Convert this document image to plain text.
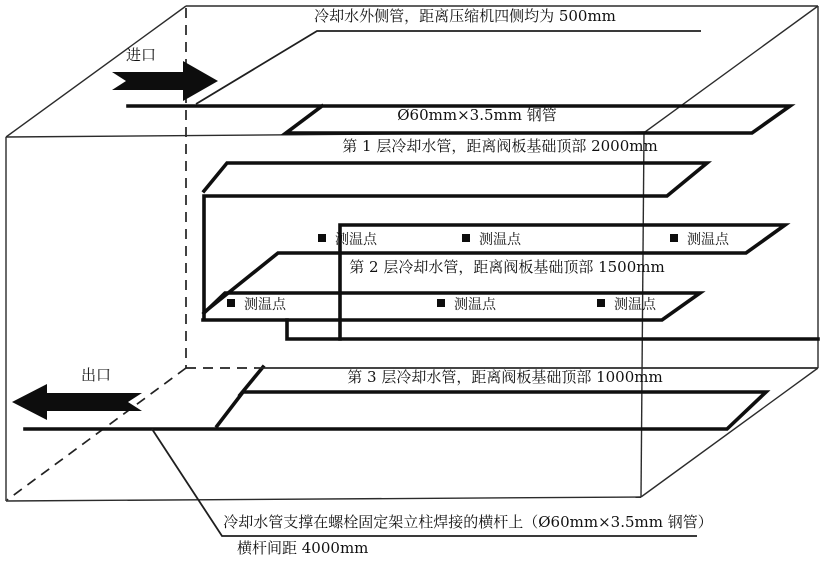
测温点	测温点	测温点
测温点	测温点	测温点
冷却水外侧管，距离压缩机四侧均为 500mm
Ø60mm×3.5mm 钢管
第 1 层冷却水管，距离阀板基础顶部 2000mm
第 2 层冷却水管，距离阀板基础顶部 1500mm
第 3 层冷却水管，距离阀板基础顶部 1000mm
进口
出口
冷却水管支撑在螺栓固定架立柱焊接的横杆上（Ø60mm×3.5mm 钢管）
横杆间距 4000mm
